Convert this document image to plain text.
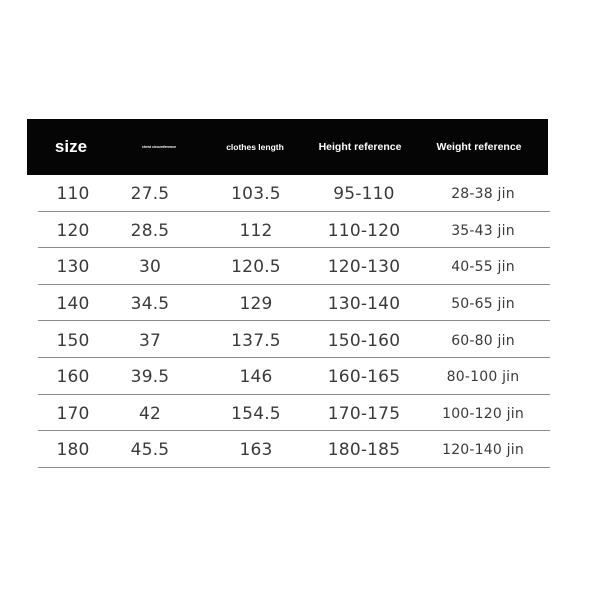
size	chest circumference	clothes length	Height reference	Weight reference
110	27.5	103.5	95-110	28-38 jin
120	28.5	112	110-120	35-43 jin
130	30	120.5	120-130	40-55 jin
140	34.5	129	130-140	50-65 jin
150	37	137.5	150-160	60-80 jin
160	39.5	146	160-165	80-100 jin
170	42	154.5	170-175	100-120 jin
180	45.5	163	180-185	120-140 jin
